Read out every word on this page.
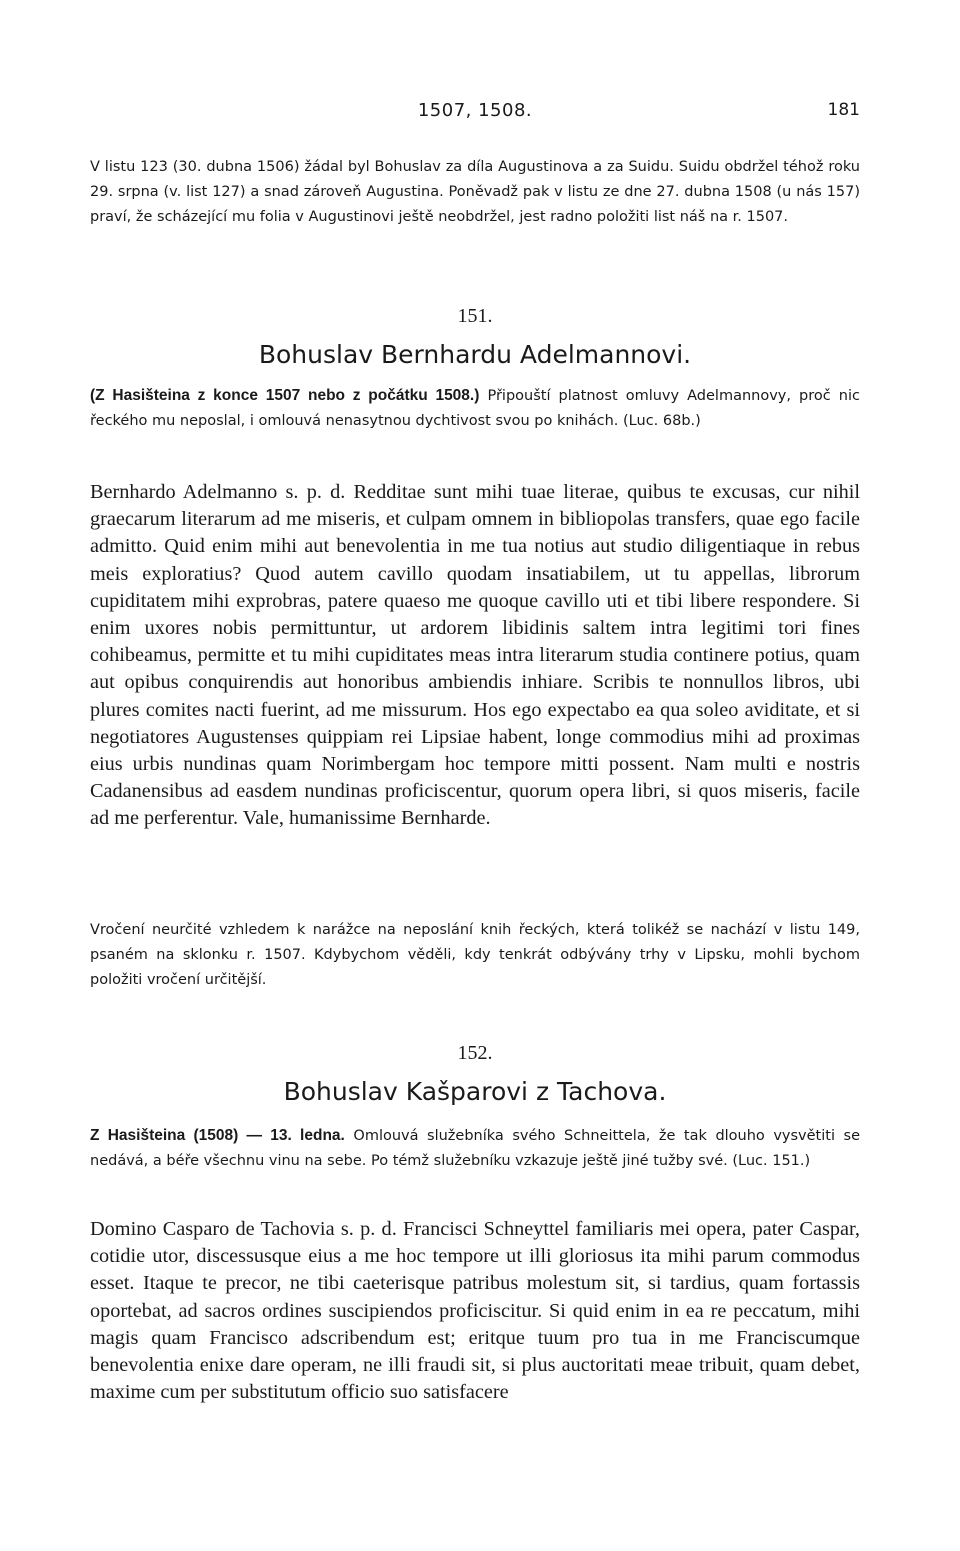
1507, 1508.	181

V listu 123 (30. dubna 1506) žádal byl Bohuslav za díla Augustinova a za Suidu. Suidu obdržel téhož roku 29. srpna (v. list 127) a snad zároveň Augustina. Poněvadž pak v listu ze dne 27. dubna 1508 (u nás 157) praví, že scházející mu folia v Augustinovi ještě neobdržel, jest radno položiti list náš na r. 1507.

151.
Bohuslav Bernhardu Adelmannovi.

(Z Hasišteina z konce 1507 nebo z počátku 1508.) Připouští platnost omluvy Adelmannovy, proč nic řeckého mu neposlal, i omlouvá nenasytnou dychtivost svou po knihách. (Luc. 68b.)

Bernhardo Adelmanno s. p. d. Redditae sunt mihi tuae literae, quibus te excusas, cur nihil graecarum literarum ad me miseris, et culpam omnem in bibliopolas transfers, quae ego facile admitto. Quid enim mihi aut benevolentia in me tua notius aut studio diligentiaque in rebus meis exploratius? Quod autem cavillo quodam insatiabilem, ut tu appellas, librorum cupiditatem mihi exprobras, patere quaeso me quoque cavillo uti et tibi libere respondere. Si enim uxores nobis permittuntur, ut ardorem libidinis saltem intra legitimi tori fines cohibeamus, permitte et tu mihi cupiditates meas intra literarum studia continere potius, quam aut opibus conquirendis aut honoribus ambiendis inhiare. Scribis te nonnullos libros, ubi plures comites nacti fuerint, ad me missurum. Hos ego expectabo ea qua soleo aviditate, et si negotiatores Augustenses quippiam rei Lipsiae habent, longe commodius mihi ad proximas eius urbis nundinas quam Norimbergam hoc tempore mitti possent. Nam multi e nostris Cadanensibus ad easdem nundinas proficiscentur, quorum opera libri, si quos miseris, facile ad me perferentur. Vale, humanissime Bernharde.

Vročení neurčité vzhledem k narážce na neposlání knih řeckých, která tolikéž se nachází v listu 149, psaném na sklonku r. 1507. Kdybychom věděli, kdy tenkrát odbývány trhy v Lipsku, mohli bychom položiti vročení určitější.

152.
Bohuslav Kašparovi z Tachova.

Z Hasišteina (1508) — 13. ledna. Omlouvá služebníka svého Schneittela, že tak dlouho vysvětiti se nedává, a béře všechnu vinu na sebe. Po témž služebníku vzkazuje ještě jiné tužby své. (Luc. 151.)

Domino Casparo de Tachovia s. p. d. Francisci Schneyttel familiaris mei opera, pater Caspar, cotidie utor, discessusque eius a me hoc tempore ut illi gloriosus ita mihi parum commodus esset. Itaque te precor, ne tibi caeterisque patribus molestum sit, si tardius, quam fortassis oportebat, ad sacros ordines suscipiendos proficiscitur. Si quid enim in ea re peccatum, mihi magis quam Francisco adscribendum est; eritque tuum pro tua in me Franciscumque benevolentia enixe dare operam, ne illi fraudi sit, si plus auctoritati meae tribuit, quam debet, maxime cum per substitutum officio suo satisfacere
